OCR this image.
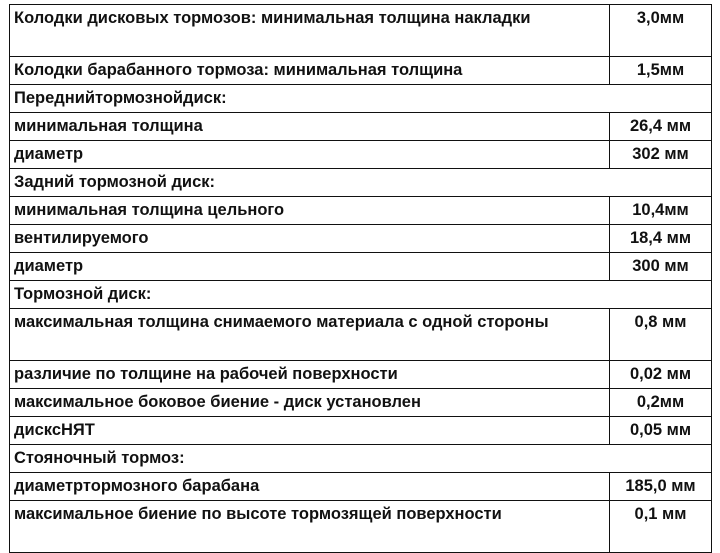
Колодки дисковых тормозов: минимальная толщина накладки	3,0мм
Колодки барабанного тормоза: минимальная толщина	1,5мм
Переднийтормознойдиск:	
минимальная толщина	26,4 мм
диаметр	302 мм
Задний тормозной диск:	
минимальная толщина цельного	10,4мм
вентилируемого	18,4 мм
диаметр	300 мм
Тормозной диск:	
максимальная толщина снимаемого материала с одной стороны	0,8 мм
различие по толщине на рабочей поверхности	0,02 мм
максимальное боковое биение - диск установлен	0,2мм
дисксНЯТ	0,05 мм
Стояночный тормоз:	
диаметртормозного барабана	185,0 мм
максимальное биение по высоте тормозящей поверхности	0,1 мм
